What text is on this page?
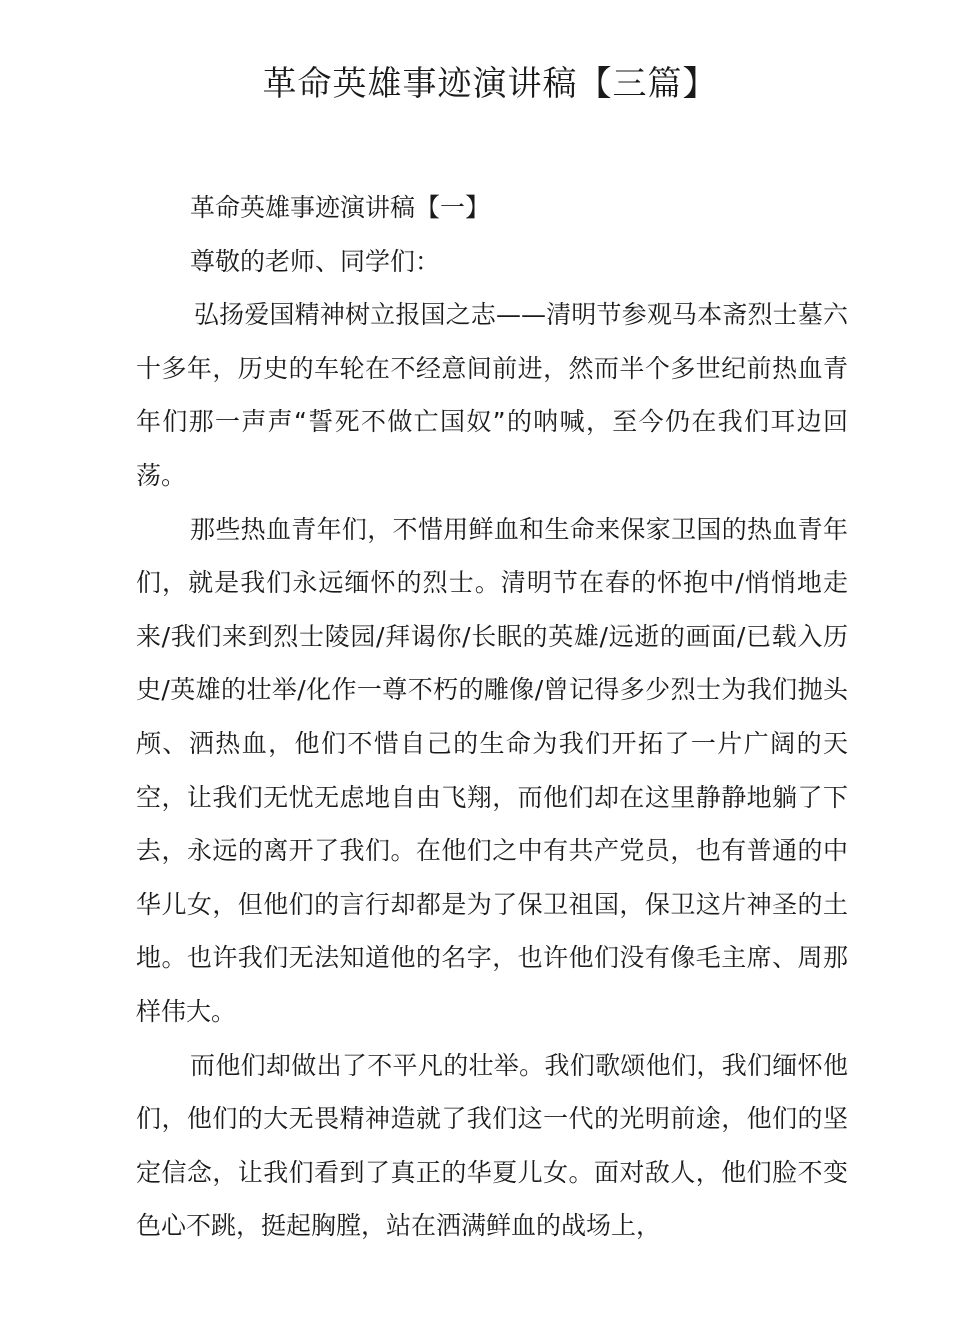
革命英雄事迹演讲稿【三篇】

革命英雄事迹演讲稿【一】

尊敬的老师、同学们：

弘扬爱国精神树立报国之志——清明节参观马本斋烈士墓六十多年，历史的车轮在不经意间前进，然而半个多世纪前热血青年们那一声声“誓死不做亡国奴”的呐喊，至今仍在我们耳边回荡。

那些热血青年们，不惜用鲜血和生命来保家卫国的热血青年们，就是我们永远缅怀的烈士。清明节在春的怀抱中/悄悄地走来/我们来到烈士陵园/拜谒你/长眠的英雄/远逝的画面/已载入历史/英雄的壮举/化作一尊不朽的雕像/曾记得多少烈士为我们抛头颅、洒热血，他们不惜自己的生命为我们开拓了一片广阔的天空，让我们无忧无虑地自由飞翔，而他们却在这里静静地躺了下去，永远的离开了我们。在他们之中有共产党员，也有普通的中华儿女，但他们的言行却都是为了保卫祖国，保卫这片神圣的土地。也许我们无法知道他的名字，也许他们没有像毛主席、周那样伟大。

而他们却做出了不平凡的壮举。我们歌颂他们，我们缅怀他们，他们的大无畏精神造就了我们这一代的光明前途，他们的坚定信念，让我们看到了真正的华夏儿女。面对敌人，他们脸不变色心不跳，挺起胸膛，站在洒满鲜血的战场上，
